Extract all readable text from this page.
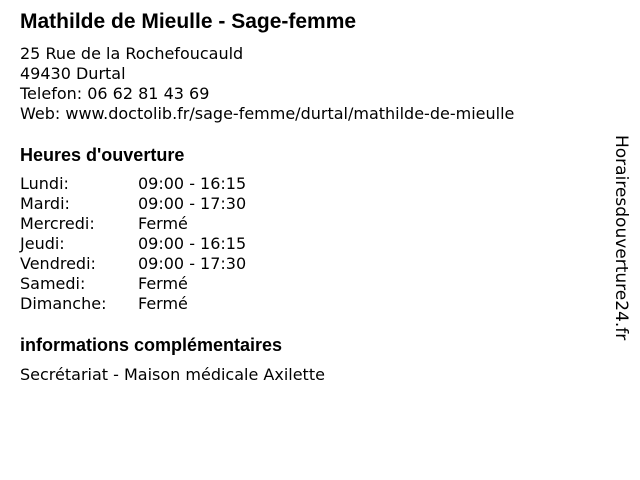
Mathilde de Mieulle - Sage-femme
25 Rue de la Rochefoucauld
49430 Durtal
Telefon: 06 62 81 43 69
Web: www.doctolib.fr/sage-femme/durtal/mathilde-de-mieulle
Heures d'ouverture
Lundi:	09:00 - 16:15
Mardi:	09:00 - 17:30
Mercredi:	Fermé
Jeudi:	09:00 - 16:15
Vendredi:	09:00 - 17:30
Samedi:	Fermé
Dimanche: Fermé
informations complémentaires
Secrétariat - Maison médicale Axilette
Horairesdouverture24.fr
